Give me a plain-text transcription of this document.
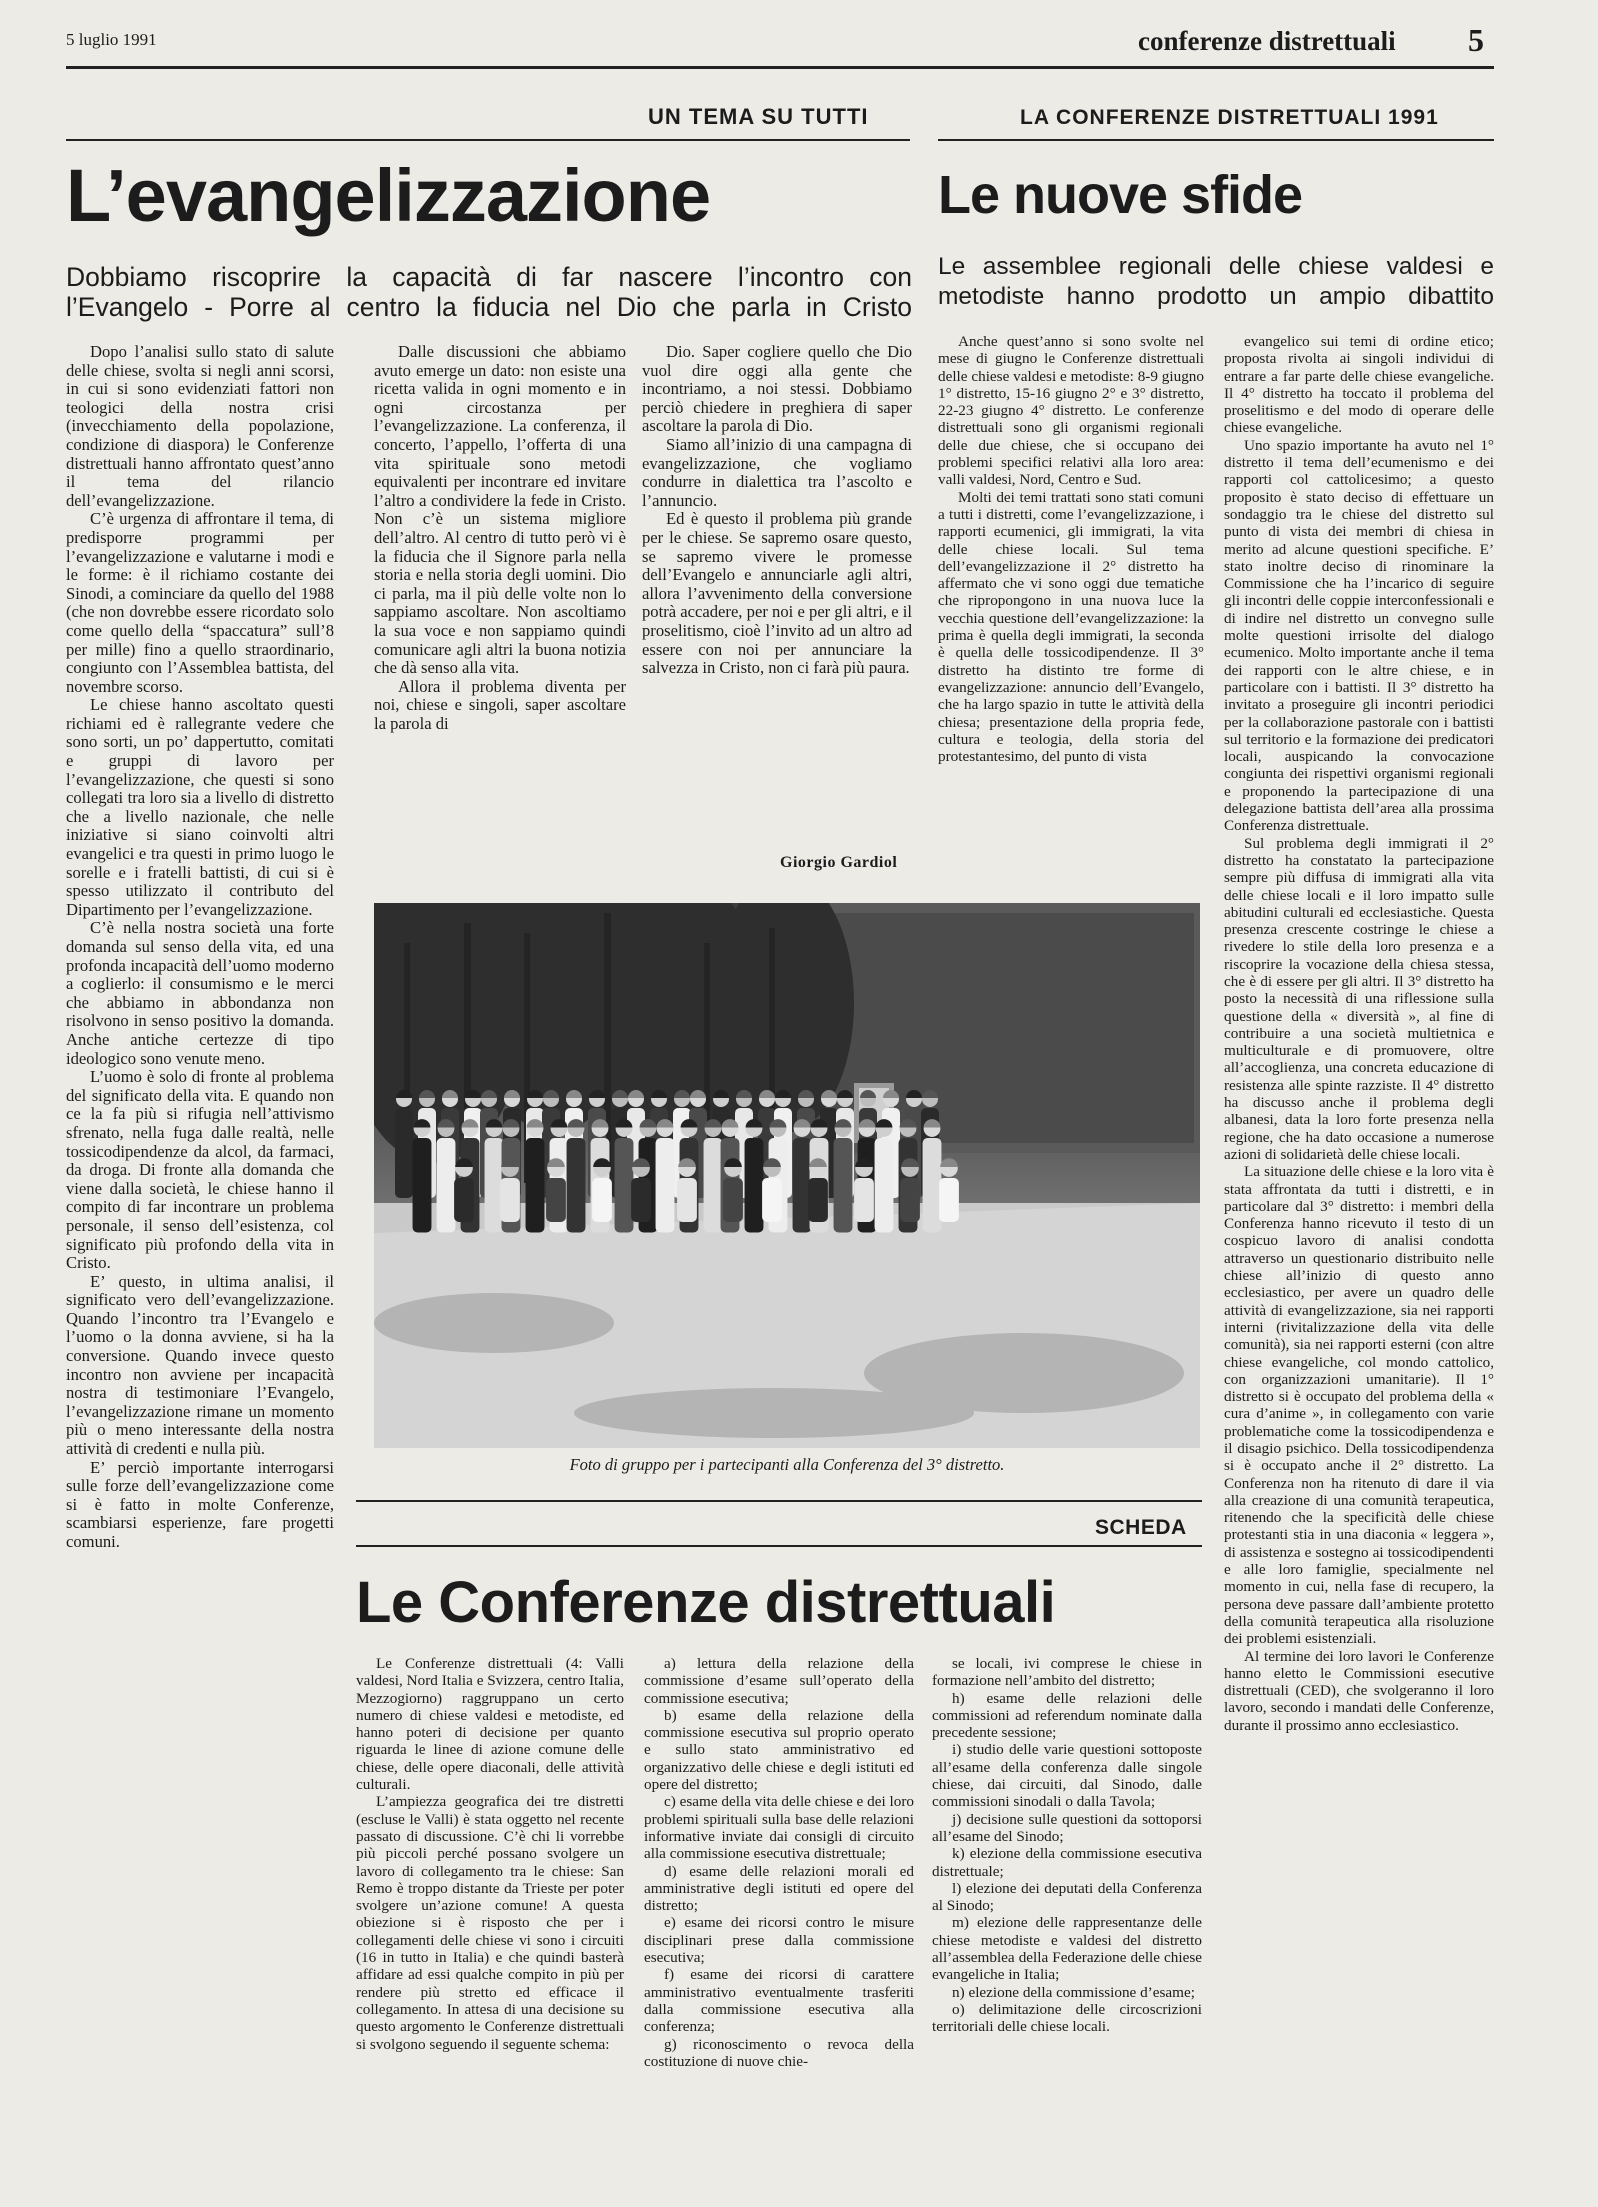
5 luglio 1991	conferenze distrettuali 5
UN TEMA SU TUTTI
L’evangelizzazione
Dobbiamo riscoprire la capacità di far nascere l’incontro con
l’Evangelo - Porre al centro la fiducia nel Dio che parla in Cristo

Dopo l’analisi sullo stato di salute delle chiese, svolta si negli anni scorsi, in cui si sono evidenziati fattori non teologici della nostra crisi (invecchiamento della popolazione, condizione di diaspora) le Conferenze distrettuali hanno affrontato quest’anno il tema del rilancio dell’evangelizzazione.

C’è urgenza di affrontare il tema, di predisporre programmi per l’evangelizzazione e valutarne i modi e le forme: è il richiamo costante dei Sinodi, a cominciare da quello del 1988 (che non dovrebbe essere ricordato solo come quello della “spaccatura” sull’8 per mille) fino a quello straordinario, congiunto con l’Assemblea battista, del novembre scorso.

Le chiese hanno ascoltato questi richiami ed è rallegrante vedere che sono sorti, un po’ dappertutto, comitati e gruppi di lavoro per l’evangelizzazione, che questi si sono collegati tra loro sia a livello di distretto che a livello nazionale, che nelle iniziative si siano coinvolti altri evangelici e tra questi in primo luogo le sorelle e i fratelli battisti, di cui si è spesso utilizzato il contributo del Dipartimento per l’evangelizzazione.

C’è nella nostra società una forte domanda sul senso della vita, ed una profonda incapacità dell’uomo moderno a coglierlo: il consumismo e le merci che abbiamo in abbondanza non risolvono in senso positivo la domanda. Anche antiche certezze di tipo ideologico sono venute meno.

L’uomo è solo di fronte al problema del significato della vita. E quando non ce la fa più si rifugia nell’attivismo sfrenato, nella fuga dalle realtà, nelle tossicodipendenze da alcol, da farmaci, da droga. Di fronte alla domanda che viene dalla società, le chiese hanno il compito di far incontrare un problema personale, il senso dell’esistenza, col significato più profondo della vita in Cristo.

E’ questo, in ultima analisi, il significato vero dell’evangelizzazione. Quando l’incontro tra l’Evangelo e l’uomo o la donna avviene, si ha la conversione. Quando invece questo incontro non avviene per incapacità nostra di testimoniare l’Evangelo, l’evangelizzazione rimane un momento più o meno interessante della nostra attività di credenti e nulla più.

E’ perciò importante interrogarsi sulle forze dell’evangelizzazione come si è fatto in molte Conferenze, scambiarsi esperienze, fare progetti comuni.

Dalle discussioni che abbiamo avuto emerge un dato: non esiste una ricetta valida in ogni momento e in ogni circostanza per l’evangelizzazione. La conferenza, il concerto, l’appello, l’offerta di una vita spirituale sono metodi equivalenti per incontrare ed invitare l’altro a condividere la fede in Cristo. Non c’è un sistema migliore dell’altro. Al centro di tutto però vi è la fiducia che il Signore parla nella storia e nella storia degli uomini. Dio ci parla, ma il più delle volte non lo sappiamo ascoltare. Non ascoltiamo la sua voce e non sappiamo quindi comunicare agli altri la buona notizia che dà senso alla vita.

Allora il problema diventa per noi, chiese e singoli, saper ascoltare la parola di

Dio. Saper cogliere quello che Dio vuol dire oggi alla gente che incontriamo, a noi stessi. Dobbiamo perciò chiedere in preghiera di saper ascoltare la parola di Dio.

Siamo all’inizio di una campagna di evangelizzazione, che vogliamo condurre in dialettica tra l’ascolto e l’annuncio.

Ed è questo il problema più grande per le chiese. Se sapremo osare questo, se sapremo vivere le promesse dell’Evangelo e annunciarle agli altri, allora l’avvenimento della conversione potrà accadere, per noi e per gli altri, e il proselitismo, cioè l’invito ad un altro ad essere con noi per annunciare la salvezza in Cristo, non ci farà più paura.

Giorgio Gardiol
LA CONFERENZE DISTRETTUALI 1991
Le nuove sfide
Le assemblee regionali delle chiese valdesi e
metodiste hanno prodotto un ampio dibattito

Anche quest’anno si sono svolte nel mese di giugno le Conferenze distrettuali delle chiese valdesi e metodiste: 8-9 giugno 1° distretto, 15-16 giugno 2° e 3° distretto, 22-23 giugno 4° distretto. Le conferenze distrettuali sono gli organismi regionali delle due chiese, che si occupano dei problemi specifici relativi alla loro area: valli valdesi, Nord, Centro e Sud.

Molti dei temi trattati sono stati comuni a tutti i distretti, come l’evangelizzazione, i rapporti ecumenici, gli immigrati, la vita delle chiese locali. Sul tema dell’evangelizzazione il 2° distretto ha affermato che vi sono oggi due tematiche che ripropongono in una nuova luce la vecchia questione dell’evangelizzazione: la prima è quella degli immigrati, la seconda è quella delle tossicodipendenze. Il 3° distretto ha distinto tre forme di evangelizzazione: annuncio dell’Evangelo, che ha largo spazio in tutte le attività della chiesa; presentazione della propria fede, cultura e teologia, della storia del protestantesimo, del punto di vista

evangelico sui temi di ordine etico; proposta rivolta ai singoli individui di entrare a far parte delle chiese evangeliche. Il 4° distretto ha toccato il problema del proselitismo e del modo di operare delle chiese evangeliche.

Uno spazio importante ha avuto nel 1° distretto il tema dell’ecumenismo e dei rapporti col cattolicesimo; a questo proposito è stato deciso di effettuare un sondaggio tra le chiese del distretto sul punto di vista dei membri di chiesa in merito ad alcune questioni specifiche. E’ stato inoltre deciso di rinominare la Commissione che ha l’incarico di seguire gli incontri delle coppie interconfessionali e di indire nel distretto un convegno sulle molte questioni irrisolte del dialogo ecumenico. Molto importante anche il tema dei rapporti con le altre chiese, e in particolare con i battisti. Il 3° distretto ha invitato a proseguire gli incontri periodici per la collaborazione pastorale con i battisti sul territorio e la formazione dei predicatori locali, auspicando la convocazione congiunta dei rispettivi organismi regionali e proponendo la partecipazione di una delegazione battista dell’area alla prossima Conferenza distrettuale.

Sul problema degli immigrati il 2° distretto ha constatato la partecipazione sempre più diffusa di immigrati alla vita delle chiese locali e il loro impatto sulle abitudini culturali ed ecclesiastiche. Questa presenza crescente costringe le chiese a rivedere lo stile della loro presenza e a riscoprire la vocazione della chiesa stessa, che è di essere per gli altri. Il 3° distretto ha posto la necessità di una riflessione sulla questione della « diversità », al fine di contribuire a una società multietnica e multiculturale e di promuovere, oltre all’accoglienza, una concreta educazione di resistenza alle spinte razziste. Il 4° distretto ha discusso anche il problema degli albanesi, data la loro forte presenza nella regione, che ha dato occasione a numerose azioni di solidarietà delle chiese locali.

La situazione delle chiese e la loro vita è stata affrontata da tutti i distretti, e in particolare dal 3° distretto: i membri della Conferenza hanno ricevuto il testo di un cospicuo lavoro di analisi condotta attraverso un questionario distribuito nelle chiese all’inizio di questo anno ecclesiastico, per avere un quadro delle attività di evangelizzazione, sia nei rapporti interni (rivitalizzazione della vita delle comunità), sia nei rapporti esterni (con altre chiese evangeliche, col mondo cattolico, con organizzazioni umanitarie). Il 1° distretto si è occupato del problema della « cura d’anime », in collegamento con varie problematiche come la tossicodipendenza e il disagio psichico. Della tossicodipendenza si è occupato anche il 2° distretto. La Conferenza non ha ritenuto di dare il via alla creazione di una comunità terapeutica, ritenendo che la specificità delle chiese protestanti stia in una diaconia « leggera », di assistenza e sostegno ai tossicodipendenti e alle loro famiglie, specialmente nel momento in cui, nella fase di recupero, la persona deve passare dall’ambiente protetto della comunità terapeutica alla risoluzione dei problemi esistenziali.

Al termine dei loro lavori le Conferenze hanno eletto le Commissioni esecutive distrettuali (CED), che svolgeranno il loro lavoro, secondo i mandati delle Conferenze, durante il prossimo anno ecclesiastico.

Foto di gruppo per i partecipanti alla Conferenza del 3° distretto.
SCHEDA
Le Conferenze distrettuali

Le Conferenze distrettuali (4: Valli valdesi, Nord Italia e Svizzera, centro Italia, Mezzogiorno) raggruppano un certo numero di chiese valdesi e metodiste, ed hanno poteri di decisione per quanto riguarda le linee di azione comune delle chiese, delle opere diaconali, delle attività culturali.

L’ampiezza geografica dei tre distretti (escluse le Valli) è stata oggetto nel recente passato di discussione. C’è chi li vorrebbe più piccoli perché possano svolgere un lavoro di collegamento tra le chiese: San Remo è troppo distante da Trieste per poter svolgere un’azione comune! A questa obiezione si è risposto che per i collegamenti delle chiese vi sono i circuiti (16 in tutto in Italia) e che quindi basterà affidare ad essi qualche compito in più per rendere più stretto ed efficace il collegamento. In attesa di una decisione su questo argomento le Conferenze distrettuali si svolgono seguendo il seguente schema:

a) lettura della relazione della commissione d’esame sull’operato della commissione esecutiva;

b) esame della relazione della commissione esecutiva sul proprio operato e sullo stato amministrativo ed organizzativo delle chiese e degli istituti ed opere del distretto;

c) esame della vita delle chiese e dei loro problemi spirituali sulla base delle relazioni informative inviate dai consigli di circuito alla commissione esecutiva distrettuale;

d) esame delle relazioni morali ed amministrative degli istituti ed opere del distretto;

e) esame dei ricorsi contro le misure disciplinari prese dalla commissione esecutiva;

f) esame dei ricorsi di carattere amministrativo eventualmente trasferiti dalla commissione esecutiva alla conferenza;

g) riconoscimento o revoca della costituzione di nuove chie-

se locali, ivi comprese le chiese in formazione nell’ambito del distretto;

h) esame delle relazioni delle commissioni ad referendum nominate dalla precedente sessione;

i) studio delle varie questioni sottoposte all’esame della conferenza dalle singole chiese, dai circuiti, dal Sinodo, dalle commissioni sinodali o dalla Tavola;

j) decisione sulle questioni da sottoporsi all’esame del Sinodo;

k) elezione della commissione esecutiva distrettuale;

l) elezione dei deputati della Conferenza al Sinodo;

m) elezione delle rappresentanze delle chiese metodiste e valdesi del distretto all’assemblea della Federazione delle chiese evangeliche in Italia;

n) elezione della commissione d’esame;

o) delimitazione delle circoscrizioni territoriali delle chiese locali.
